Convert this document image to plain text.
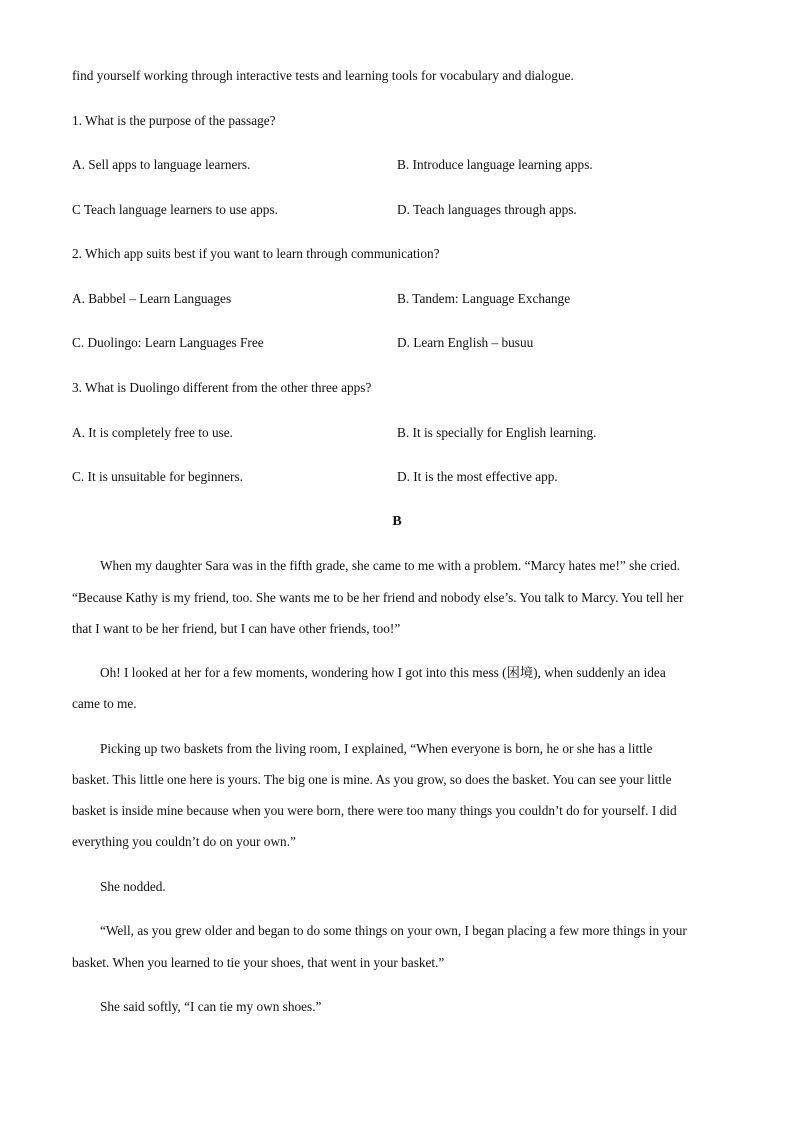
find yourself working through interactive tests and learning tools for vocabulary and dialogue.
1. What is the purpose of the passage?
A. Sell apps to language learners.	B. Introduce language learning apps.
C Teach language learners to use apps.	D. Teach languages through apps.
2. Which app suits best if you want to learn through communication?
A. Babbel – Learn Languages	B. Tandem: Language Exchange
C. Duolingo: Learn Languages Free	D. Learn English – busuu
3. What is Duolingo different from the other three apps?
A. It is completely free to use.	B. It is specially for English learning.
C. It is unsuitable for beginners.	D. It is the most effective app.
B
When my daughter Sara was in the fifth grade, she came to me with a problem. “Marcy hates me!” she cried.
“Because Kathy is my friend, too. She wants me to be her friend and nobody else’s. You talk to Marcy. You tell her
that I want to be her friend, but I can have other friends, too!”
Oh! I looked at her for a few moments, wondering how I got into this mess (困境), when suddenly an idea
came to me.
Picking up two baskets from the living room, I explained, “When everyone is born, he or she has a little
basket. This little one here is yours. The big one is mine. As you grow, so does the basket. You can see your little
basket is inside mine because when you were born, there were too many things you couldn’t do for yourself. I did
everything you couldn’t do on your own.”
She nodded.
“Well, as you grew older and began to do some things on your own, I began placing a few more things in your
basket. When you learned to tie your shoes, that went in your basket.”
She said softly, “I can tie my own shoes.”
